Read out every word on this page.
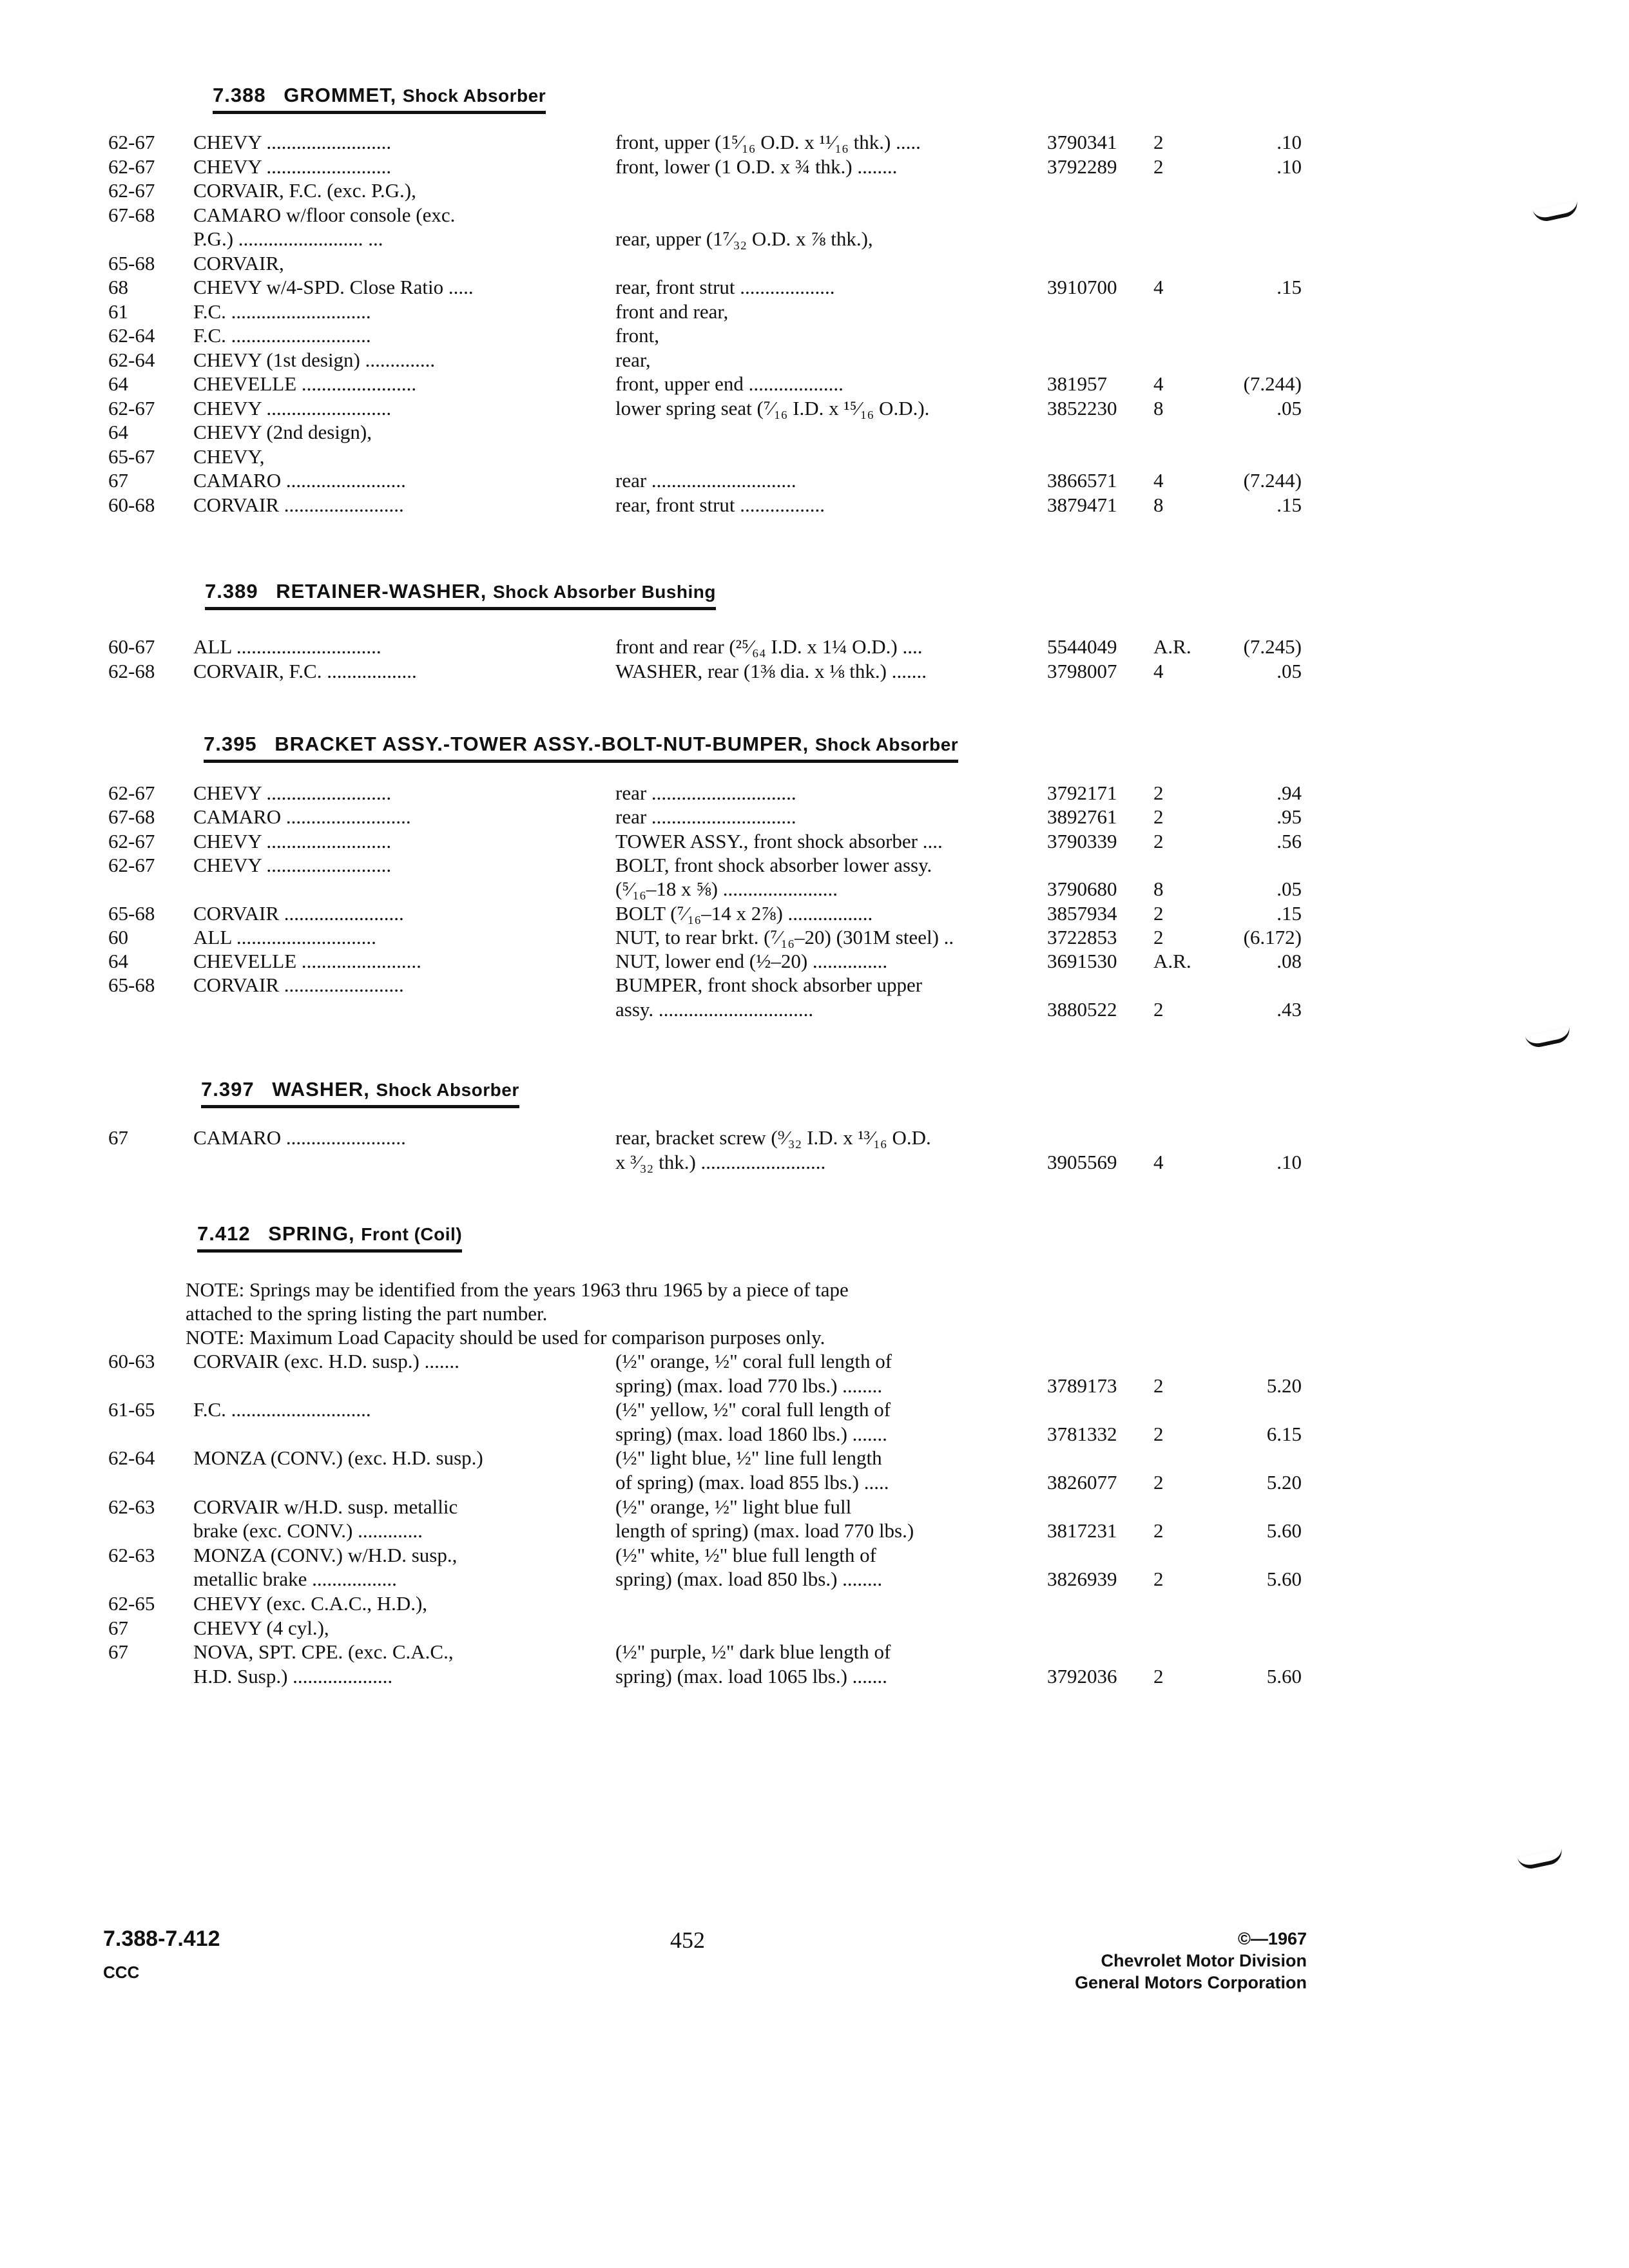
7.388 GROMMET, Shock Absorber
62-67 CHEVY .........................	front, upper (1⁵⁄₁₆ O.D. x ¹¹⁄₁₆ thk.) .....	3790341 2	.10
62-67 CHEVY .........................	front, lower (1 O.D. x ¾ thk.) ........	3792289 2	.10
62-67 CORVAIR, F.C. (exc. P.G.),
67-68 CAMARO w/floor console (exc.
P.G.) ......................... ...	rear, upper (1⁷⁄₃₂ O.D. x ⅞ thk.),
65-68 CORVAIR,
68	CHEVY w/4-SPD. Close Ratio .....	rear, front strut ...................	3910700 4	.15
61	F.C. ............................	front and rear,
62-64 F.C. ............................	front,
62-64 CHEVY (1st design) ..............	rear,
64	CHEVELLE .......................	front, upper end ...................	381957 4	(7.244)
62-67 CHEVY .........................	lower spring seat (⁷⁄₁₆ I.D. x ¹⁵⁄₁₆ O.D.).	3852230 8	.05
64	CHEVY (2nd design),
65-67 CHEVY,
67	CAMARO ........................	rear .............................	3866571 4	(7.244)
60-68 CORVAIR ........................	rear, front strut .................	3879471 8	.15
7.389 RETAINER-WASHER, Shock Absorber Bushing
60-67 ALL .............................	front and rear (²⁵⁄₆₄ I.D. x 1¼ O.D.) ....	5544049 A.R.	(7.245)
62-68 CORVAIR, F.C. ..................	WASHER, rear (1⅜ dia. x ⅛ thk.) .......	3798007 4	.05
7.395 BRACKET ASSY.-TOWER ASSY.-BOLT-NUT-BUMPER, Shock Absorber
62-67 CHEVY .........................	rear .............................	3792171 2	.94
67-68 CAMARO .........................	rear .............................	3892761 2	.95
62-67 CHEVY .........................	TOWER ASSY., front shock absorber ....	3790339 2	.56
62-67 CHEVY .........................	BOLT, front shock absorber lower assy.
(⁵⁄₁₆–18 x ⅝) .......................	3790680 8	.05
65-68 CORVAIR ........................	BOLT (⁷⁄₁₆–14 x 2⅞) .................	3857934 2	.15
60	ALL ............................	NUT, to rear brkt. (⁷⁄₁₆–20) (301M steel) ..	3722853 2	(6.172)
64	CHEVELLE ........................	NUT, lower end (½–20) ...............	3691530 A.R.	.08
65-68 CORVAIR ........................	BUMPER, front shock absorber upper
assy. ...............................	3880522 2	.43
7.397 WASHER, Shock Absorber
67	CAMARO ........................	rear, bracket screw (⁹⁄₃₂ I.D. x ¹³⁄₁₆ O.D.
x ³⁄₃₂ thk.) .........................	3905569 4	.10
7.412 SPRING, Front (Coil)
NOTE: Springs may be identified from the years 1963 thru 1965 by a piece of tape
attached to the spring listing the part number.
NOTE: Maximum Load Capacity should be used for comparison purposes only.
60-63 CORVAIR (exc. H.D. susp.) .......	(½" orange, ½" coral full length of
spring) (max. load 770 lbs.) ........	3789173 2	5.20
61-65 F.C. ............................	(½" yellow, ½" coral full length of
spring) (max. load 1860 lbs.) .......	3781332 2	6.15
62-64 MONZA (CONV.) (exc. H.D. susp.)	(½" light blue, ½" line full length
of spring) (max. load 855 lbs.) .....	3826077 2	5.20
62-63 CORVAIR w/H.D. susp. metallic	(½" orange, ½" light blue full
brake (exc. CONV.) .............	length of spring) (max. load 770 lbs.)	3817231 2	5.60
62-63 MONZA (CONV.) w/H.D. susp.,	(½" white, ½" blue full length of
metallic brake .................	spring) (max. load 850 lbs.) ........	3826939 2	5.60
62-65 CHEVY (exc. C.A.C., H.D.),
67	CHEVY (4 cyl.),
67	NOVA, SPT. CPE. (exc. C.A.C.,	(½" purple, ½" dark blue length of
H.D. Susp.) ....................	spring) (max. load 1065 lbs.) .......	3792036 2	5.60
7.388-7.412
CCC
452	©—1967
Chevrolet Motor Division
General Motors Corporation
